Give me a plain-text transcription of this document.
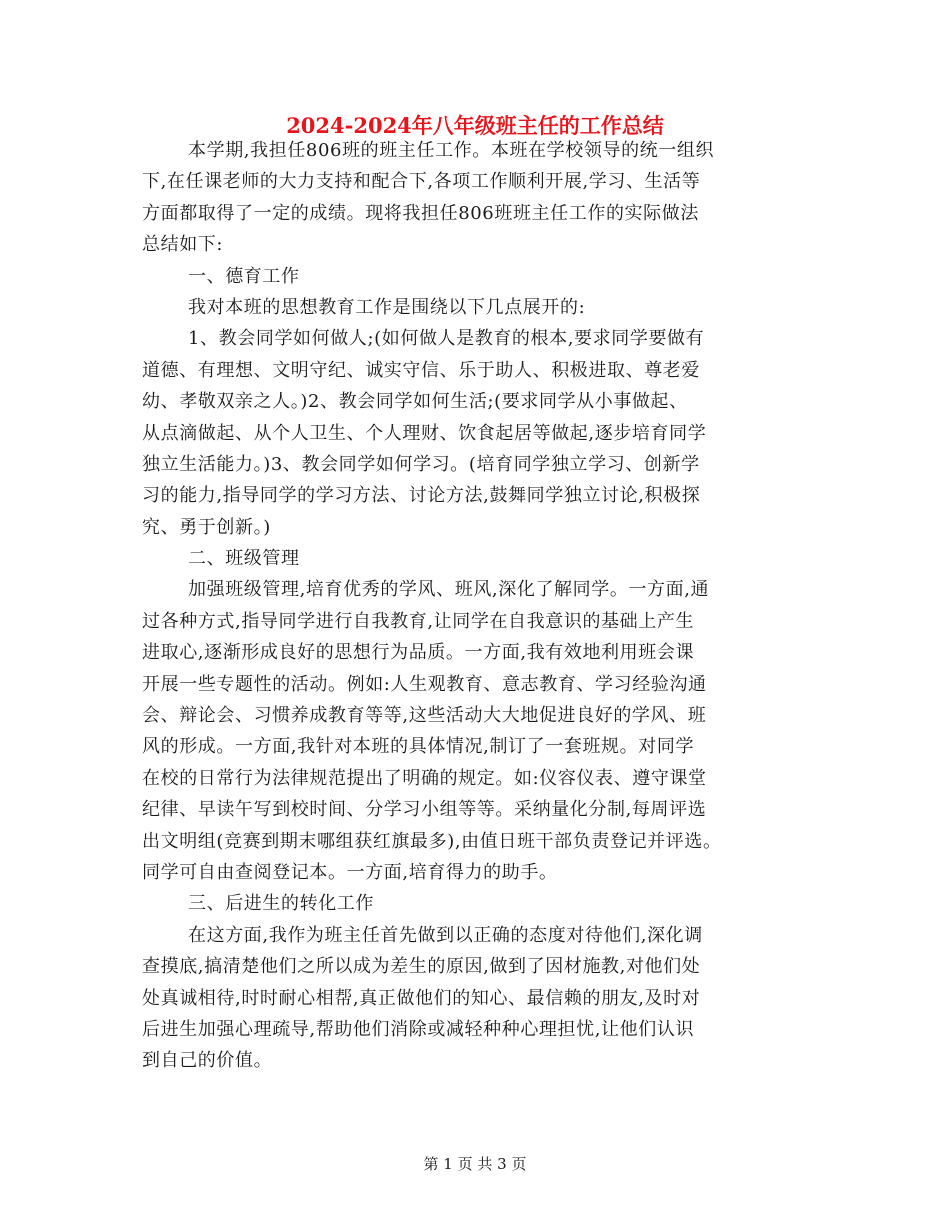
2024-2024年八年级班主任的工作总结
本学期,我担任806班的班主任工作。本班在学校领导的统一组织
下,在任课老师的大力支持和配合下,各项工作顺利开展,学习、生活等
方面都取得了一定的成绩。现将我担任806班班主任工作的实际做法
总结如下:
一、德育工作
我对本班的思想教育工作是围绕以下几点展开的:
1、教会同学如何做人;(如何做人是教育的根本,要求同学要做有
道德、有理想、文明守纪、诚实守信、乐于助人、积极进取、尊老爱
幼、孝敬双亲之人。)2、教会同学如何生活;(要求同学从小事做起、
从点滴做起、从个人卫生、个人理财、饮食起居等做起,逐步培育同学
独立生活能力。)3、教会同学如何学习。(培育同学独立学习、创新学
习的能力,指导同学的学习方法、讨论方法,鼓舞同学独立讨论,积极探
究、勇于创新。)
二、班级管理
加强班级管理,培育优秀的学风、班风,深化了解同学。一方面,通
过各种方式,指导同学进行自我教育,让同学在自我意识的基础上产生
进取心,逐渐形成良好的思想行为品质。一方面,我有效地利用班会课
开展一些专题性的活动。例如:人生观教育、意志教育、学习经验沟通
会、辩论会、习惯养成教育等等,这些活动大大地促进良好的学风、班
风的形成。一方面,我针对本班的具体情况,制订了一套班规。对同学
在校的日常行为法律规范提出了明确的规定。如:仪容仪表、遵守课堂
纪律、早读午写到校时间、分学习小组等等。采纳量化分制,每周评选
出文明组(竞赛到期末哪组获红旗最多),由值日班干部负责登记并评选。
同学可自由查阅登记本。一方面,培育得力的助手。
三、后进生的转化工作
在这方面,我作为班主任首先做到以正确的态度对待他们,深化调
查摸底,搞清楚他们之所以成为差生的原因,做到了因材施教,对他们处
处真诚相待,时时耐心相帮,真正做他们的知心、最信赖的朋友,及时对
后进生加强心理疏导,帮助他们消除或减轻种种心理担忧,让他们认识
到自己的价值。
第 1 页 共 3 页
